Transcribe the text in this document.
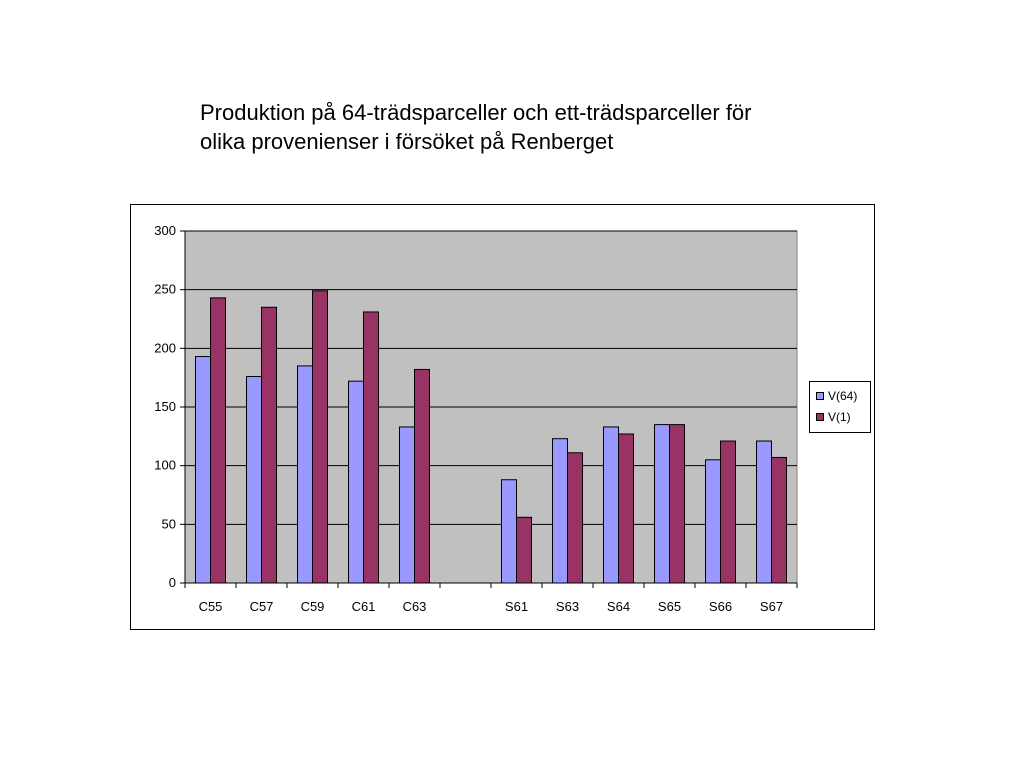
Produktion på 64-trädsparceller och ett-trädsparceller för
olika provenienser i försöket på Renberget
0
50
100
150
200
250
300
C55 C57 C59 C61 C63	S61 S63 S64 S65 S66 S67
V(64)
V(1)
